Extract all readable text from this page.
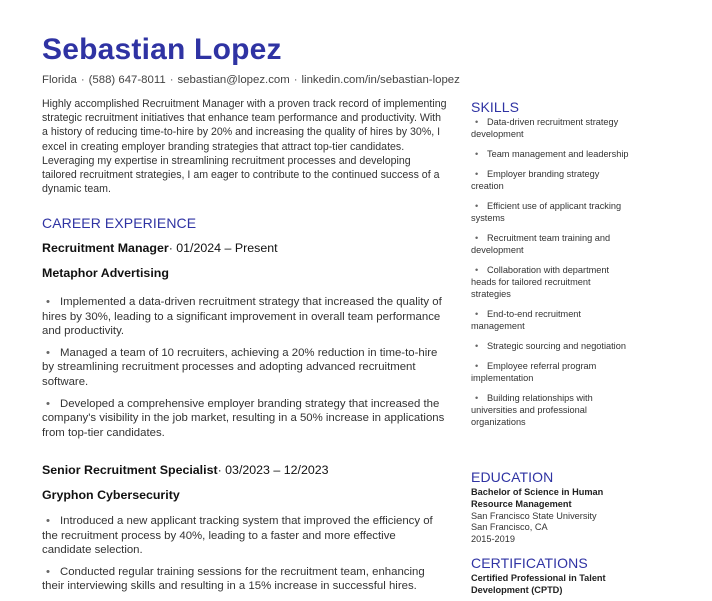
Sebastian Lopez
Florida · (588) 647-8011 · sebastian@lopez.com · linkedin.com/in/sebastian-lopez

Highly accomplished Recruitment Manager with a proven track record of implementing strategic recruitment initiatives that enhance team performance and productivity. With a history of reducing time-to-hire by 20% and increasing the quality of hires by 30%, I excel in creating employer branding strategies that attract top-tier candidates. Leveraging my expertise in streamlining recruitment processes and developing tailored recruitment strategies, I am eager to contribute to the continued success of a dynamic team.

CAREER EXPERIENCE
Recruitment Manager· 01/2024 – Present
Metaphor Advertising
• Implemented a data-driven recruitment strategy that increased the quality of hires by 30%, leading to a significant improvement in overall team performance and productivity.
• Managed a team of 10 recruiters, achieving a 20% reduction in time-to-hire by streamlining recruitment processes and adopting advanced recruitment software.
• Developed a comprehensive employer branding strategy that increased the company's visibility in the job market, resulting in a 50% increase in applications from top-tier candidates.
Senior Recruitment Specialist· 03/2023 – 12/2023
Gryphon Cybersecurity
• Introduced a new applicant tracking system that improved the efficiency of the recruitment process by 40%, leading to a faster and more effective candidate selection.
• Conducted regular training sessions for the recruitment team, enhancing their interviewing skills and resulting in a 15% increase in successful hires.
SKILLS
• Data-driven recruitment strategy development
• Team management and leadership
• Employer branding strategy creation
• Efficient use of applicant tracking systems
• Recruitment team training and development
• Collaboration with department heads for tailored recruitment strategies
• End-to-end recruitment management
• Strategic sourcing and negotiation
• Employee referral program implementation
• Building relationships with universities and professional organizations
EDUCATION
Bachelor of Science in Human Resource Management
San Francisco State University
San Francisco, CA
2015-2019
CERTIFICATIONS
Certified Professional in Talent Development (CPTD)
